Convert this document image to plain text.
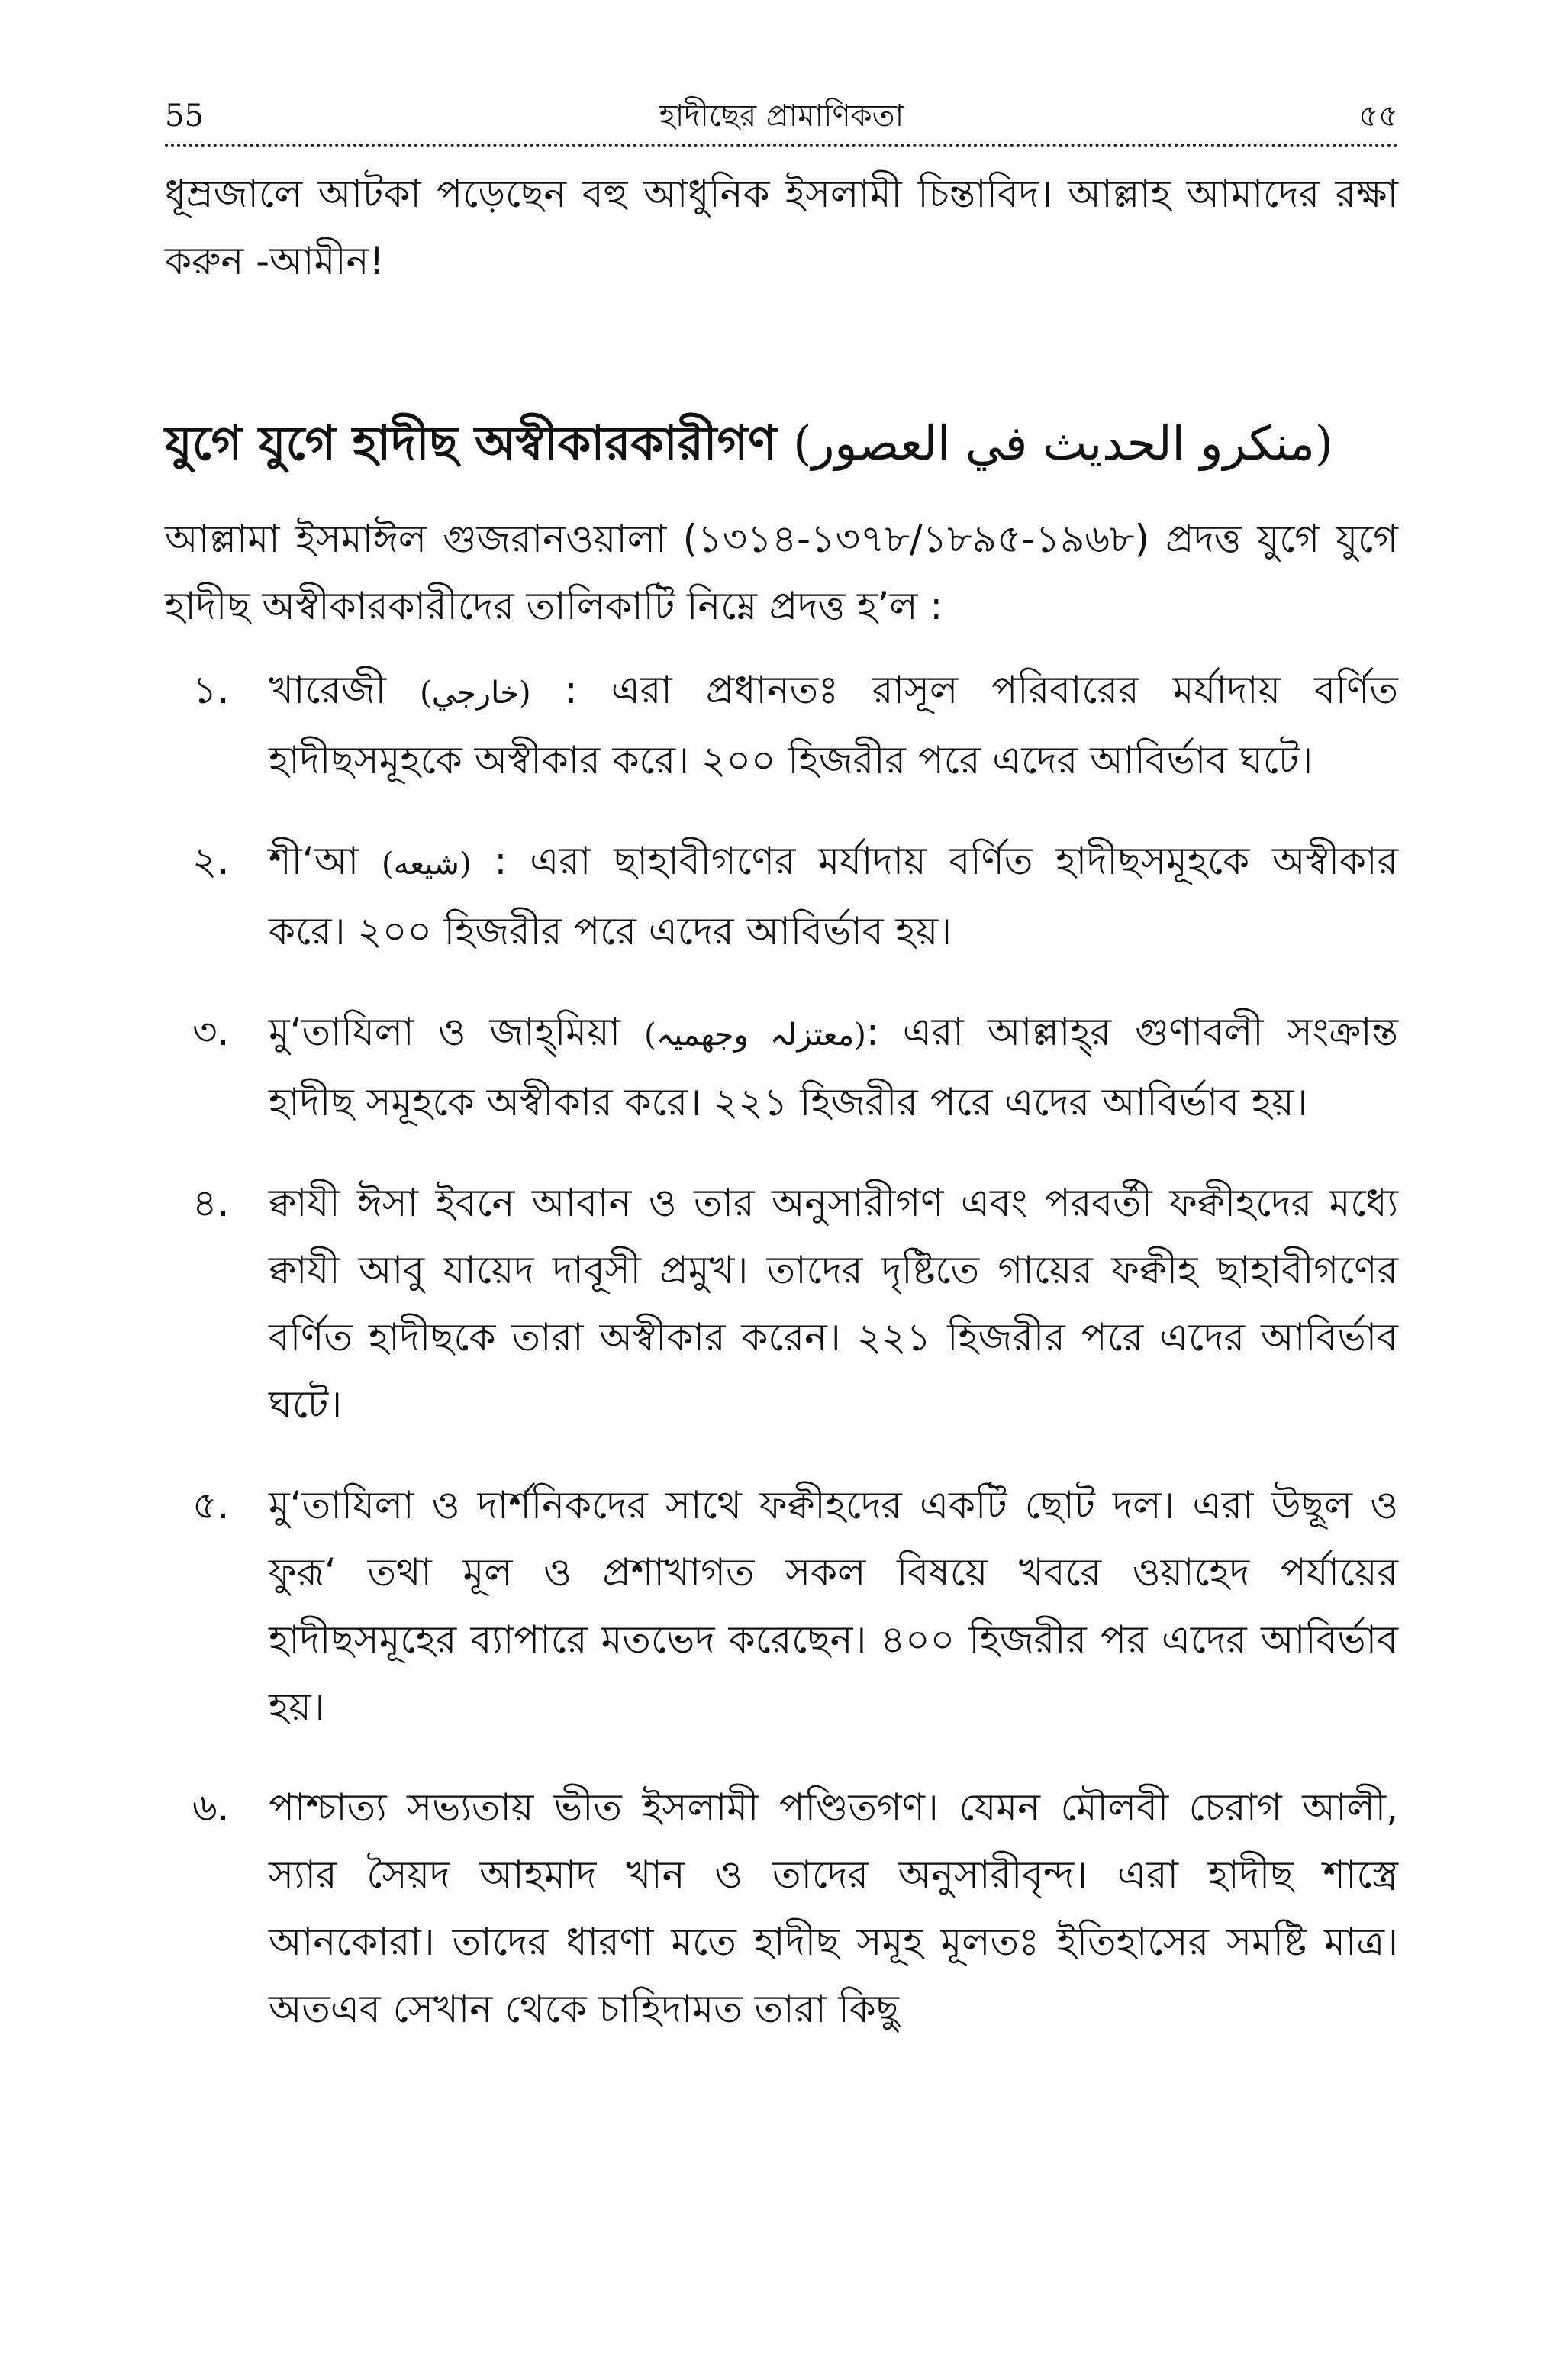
55	হাদীছের প্রামাণিকতা	৫৫

ধূম্রজালে আটকা পড়েছেন বহু আধুনিক ইসলামী চিন্তাবিদ। আল্লাহ আমাদের রক্ষা করুন -আমীন!

যুগে যুগে হাদীছ অস্বীকারকারীগণ (منكرو الحديث في العصور)

আল্লামা ইসমাঈল গুজরানওয়ালা (১৩১৪-১৩৭৮/১৮৯৫-১৯৬৮) প্রদত্ত যুগে যুগে হাদীছ অস্বীকারকারীদের তালিকাটি নিম্নে প্রদত্ত হ’ল :

১.	খারেজী (خارجي) : এরা প্রধানতঃ রাসূল পরিবারের মর্যাদায় বর্ণিত হাদীছসমূহকে অস্বীকার করে। ২০০ হিজরীর পরে এদের আবির্ভাব ঘটে।
২.	শী‘আ (شيعه) : এরা ছাহাবীগণের মর্যাদায় বর্ণিত হাদীছসমূহকে অস্বীকার করে। ২০০ হিজরীর পরে এদের আবির্ভাব হয়।
৩.	মু‘তাযিলা ও জাহ্‌মিয়া (معتزلہ وجهميہ): এরা আল্লাহ্‌র গুণাবলী সংক্রান্ত হাদীছ সমূহকে অস্বীকার করে। ২২১ হিজরীর পরে এদের আবির্ভাব হয়।
৪.	ক্বাযী ঈসা ইবনে আবান ও তার অনুসারীগণ এবং পরবর্তী ফক্বীহদের মধ্যে ক্বাযী আবু যায়েদ দাবূসী প্রমুখ। তাদের দৃষ্টিতে গায়ের ফক্বীহ ছাহাবীগণের বর্ণিত হাদীছকে তারা অস্বীকার করেন। ২২১ হিজরীর পরে এদের আবির্ভাব ঘটে।
৫.	মু‘তাযিলা ও দার্শনিকদের সাথে ফক্বীহদের একটি ছোট দল। এরা উছূল ও ফুরূ‘ তথা মূল ও প্রশাখাগত সকল বিষয়ে খবরে ওয়াহেদ পর্যায়ের হাদীছসমূহের ব্যাপারে মতভেদ করেছেন। ৪০০ হিজরীর পর এদের আবির্ভাব হয়।
৬.	পাশ্চাত্য সভ্যতায় ভীত ইসলামী পণ্ডিতগণ। যেমন মৌলবী চেরাগ আলী, স্যার সৈয়দ আহমাদ খান ও তাদের অনুসারীবৃন্দ। এরা হাদীছ শাস্ত্রে আনকোরা। তাদের ধারণা মতে হাদীছ সমূহ মূলতঃ ইতিহাসের সমষ্টি মাত্র। অতএব সেখান থেকে চাহিদামত তারা কিছু
